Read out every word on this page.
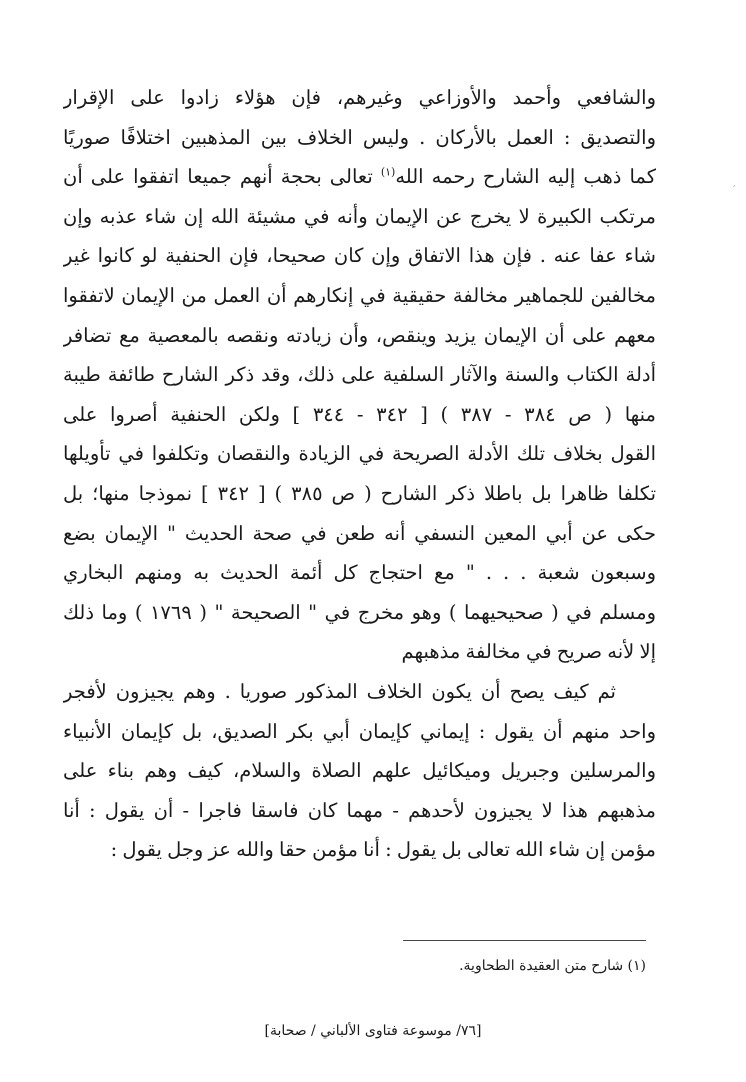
والشافعي وأحمد والأوزاعي وغيرهم، فإن هؤلاء زادوا على الإقرار
والتصديق : العمل بالأركان . وليس الخلاف بين المذهبين اختلافًا صوريًا
كما ذهب إليه الشارح رحمه الله$^{(١)}$ تعالى بحجة أنهم جميعا اتفقوا على أن
مرتكب الكبيرة لا يخرج عن الإيمان وأنه في مشيئة الله إن شاء عذبه وإن
شاء عفا عنه . فإن هذا الاتفاق وإن كان صحيحا، فإن الحنفية لو كانوا غير
مخالفين للجماهير مخالفة حقيقية في إنكارهم أن العمل من الإيمان لاتفقوا
معهم على أن الإيمان يزيد وينقص، وأن زيادته ونقصه بالمعصية مع تضافر
أدلة الكتاب والسنة والآثار السلفية على ذلك، وقد ذكر الشارح طائفة طيبة
منها ( ص ٣٨٤ - ٣٨٧ ) [ ٣٤٢ - ٣٤٤ ] ولكن الحنفية أصروا على
القول بخلاف تلك الأدلة الصريحة في الزيادة والنقصان وتكلفوا في تأويلها
تكلفا ظاهرا بل باطلا ذكر الشارح ( ص ٣٨٥ ) [ ٣٤٢ ] نموذجا منها؛ بل
حكى عن أبي المعين النسفي أنه طعن في صحة الحديث " الإيمان بضع
وسبعون شعبة . . . " مع احتجاج كل أئمة الحديث به ومنهم البخاري
ومسلم في ( صحيحيهما ) وهو مخرج في " الصحيحة " ( ١٧٦٩ ) وما ذلك
إلا لأنه صريح في مخالفة مذهبهم
ثم كيف يصح أن يكون الخلاف المذكور صوريا . وهم يجيزون لأفجر
واحد منهم أن يقول : إيماني كإيمان أبي بكر الصديق، بل كإيمان الأنبياء
والمرسلين وجبريل وميكائيل علهم الصلاة والسلام، كيف وهم بناء على
مذهبهم هذا لا يجيزون لأحدهم - مهما كان فاسقا فاجرا - أن يقول : أنا
مؤمن إن شاء الله تعالى بل يقول : أنا مؤمن حقا والله عز وجل يقول :
(١) شارح متن العقيدة الطحاوية.
[٧٦/ موسوعة فتاوى الألباني / صحابة]
,
